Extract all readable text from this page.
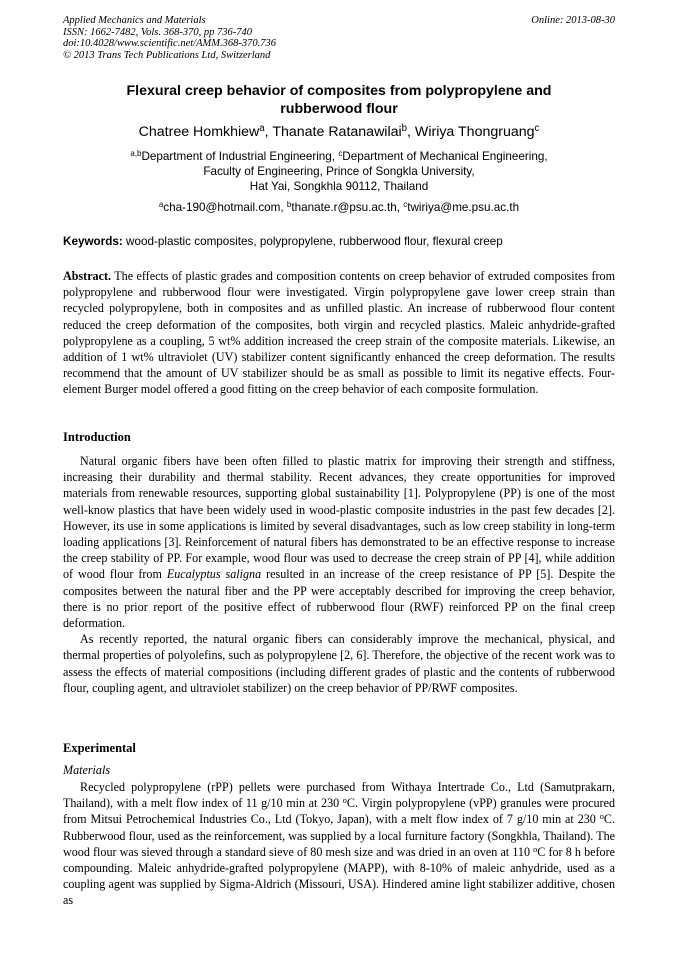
Applied Mechanics and Materials
ISSN: 1662-7482, Vols. 368-370, pp 736-740
doi:10.4028/www.scientific.net/AMM.368-370.736
© 2013 Trans Tech Publications Ltd, Switzerland
Online: 2013-08-30
Flexural creep behavior of composites from polypropylene and
rubberwood flour
Chatree Homkhiew$^a$, Thanate Ratanawilai$^b$, Wiriya Thongruang$^c$
$^{a,b}$Department of Industrial Engineering, $^c$Department of Mechanical Engineering,
Faculty of Engineering, Prince of Songkla University,
Hat Yai, Songkhla 90112, Thailand
$^a$cha-190@hotmail.com, $^b$thanate.r@psu.ac.th, $^c$twiriya@me.psu.ac.th
Keywords: wood-plastic composites, polypropylene, rubberwood flour, flexural creep
Abstract. The effects of plastic grades and composition contents on creep behavior of extruded composites from polypropylene and rubberwood flour were investigated. Virgin polypropylene gave lower creep strain than recycled polypropylene, both in composites and as unfilled plastic. An increase of rubberwood flour content reduced the creep deformation of the composites, both virgin and recycled plastics. Maleic anhydride-grafted polypropylene as a coupling, 5 wt% addition increased the creep strain of the composite materials. Likewise, an addition of 1 wt% ultraviolet (UV) stabilizer content significantly enhanced the creep deformation. The results recommend that the amount of UV stabilizer should be as small as possible to limit its negative effects. Four-element Burger model offered a good fitting on the creep behavior of each composite formulation.
Introduction

Natural organic fibers have been often filled to plastic matrix for improving their strength and stiffness, increasing their durability and thermal stability. Recent advances, they create opportunities for improved materials from renewable resources, supporting global sustainability [1]. Polypropylene (PP) is one of the most well-know plastics that have been widely used in wood-plastic composite industries in the past few decades [2]. However, its use in some applications is limited by several disadvantages, such as low creep stability in long-term loading applications [3]. Reinforcement of natural fibers has demonstrated to be an effective response to increase the creep stability of PP. For example, wood flour was used to decrease the creep strain of PP [4], while addition of wood flour from Eucalyptus saligna resulted in an increase of the creep resistance of PP [5]. Despite the composites between the natural fiber and the PP were acceptably described for improving the creep behavior, there is no prior report of the positive effect of rubberwood flour (RWF) reinforced PP on the final creep deformation.

As recently reported, the natural organic fibers can considerably improve the mechanical, physical, and thermal properties of polyolefins, such as polypropylene [2, 6]. Therefore, the objective of the recent work was to assess the effects of material compositions (including different grades of plastic and the contents of rubberwood flour, coupling agent, and ultraviolet stabilizer) on the creep behavior of PP/RWF composites.

Experimental
Materials

Recycled polypropylene (rPP) pellets were purchased from Withaya Intertrade Co., Ltd (Samutprakarn, Thailand), with a melt flow index of 11 g/10 min at 230 $^o$C. Virgin polypropylene (vPP) granules were procured from Mitsui Petrochemical Industries Co., Ltd (Tokyo, Japan), with a melt flow index of 7 g/10 min at 230 $^o$C. Rubberwood flour, used as the reinforcement, was supplied by a local furniture factory (Songkhla, Thailand). The wood flour was sieved through a standard sieve of 80 mesh size and was dried in an oven at 110 $^o$C for 8 h before compounding. Maleic anhydride-grafted polypropylene (MAPP), with 8-10% of maleic anhydride, used as a coupling agent was supplied by Sigma-Aldrich (Missouri, USA). Hindered amine light stabilizer additive, chosen as
